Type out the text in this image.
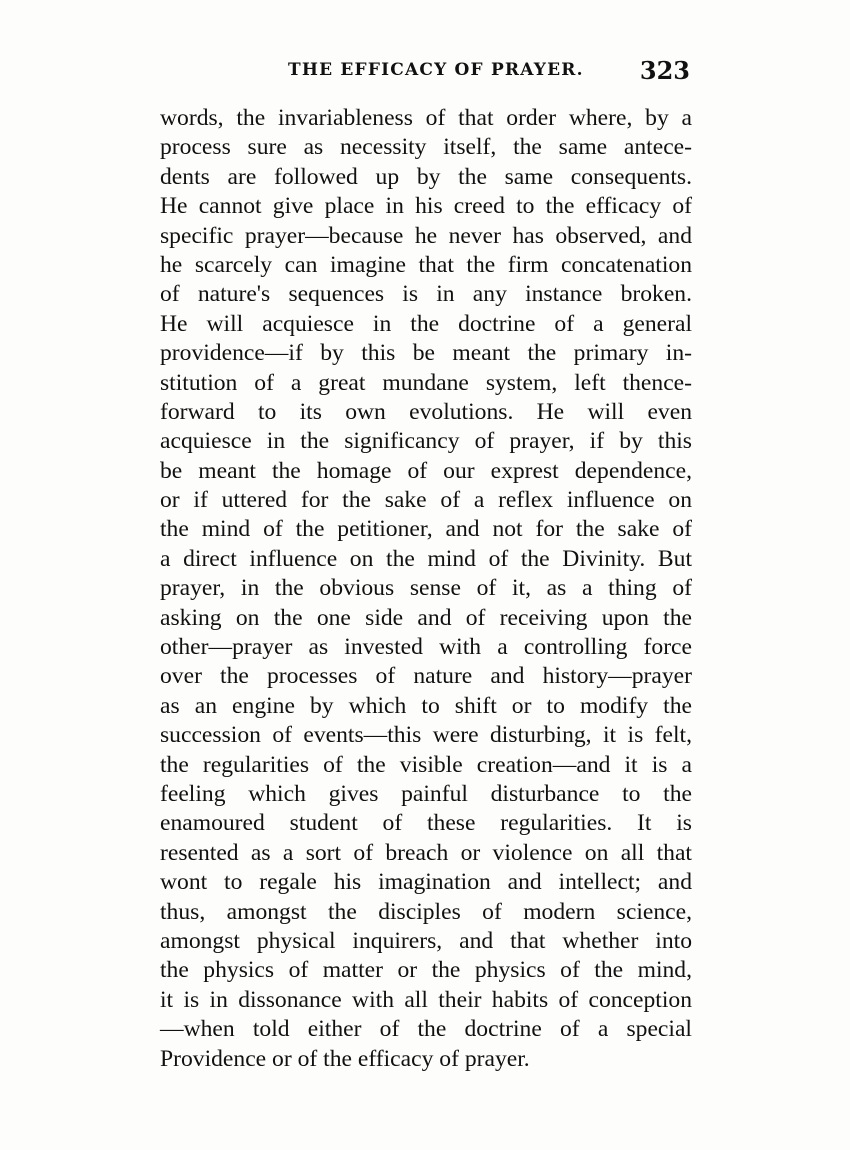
THE EFFICACY OF PRAYER. 323
words, the invariableness of that order where, by a
process sure as necessity itself, the same antece-
dents are followed up by the same consequents.
He cannot give place in his creed to the efficacy of
specific prayer—because he never has observed, and
he scarcely can imagine that the firm concatenation
of nature's sequences is in any instance broken.
He will acquiesce in the doctrine of a general
providence—if by this be meant the primary in-
stitution of a great mundane system, left thence-
forward to its own evolutions. He will even
acquiesce in the significancy of prayer, if by this
be meant the homage of our exprest dependence,
or if uttered for the sake of a reflex influence on
the mind of the petitioner, and not for the sake of
a direct influence on the mind of the Divinity. But
prayer, in the obvious sense of it, as a thing of
asking on the one side and of receiving upon the
other—prayer as invested with a controlling force
over the processes of nature and history—prayer
as an engine by which to shift or to modify the
succession of events—this were disturbing, it is felt,
the regularities of the visible creation—and it is a
feeling which gives painful disturbance to the
enamoured student of these regularities. It is
resented as a sort of breach or violence on all that
wont to regale his imagination and intellect; and
thus, amongst the disciples of modern science,
amongst physical inquirers, and that whether into
the physics of matter or the physics of the mind,
it is in dissonance with all their habits of conception
—when told either of the doctrine of a special
Providence or of the efficacy of prayer.
